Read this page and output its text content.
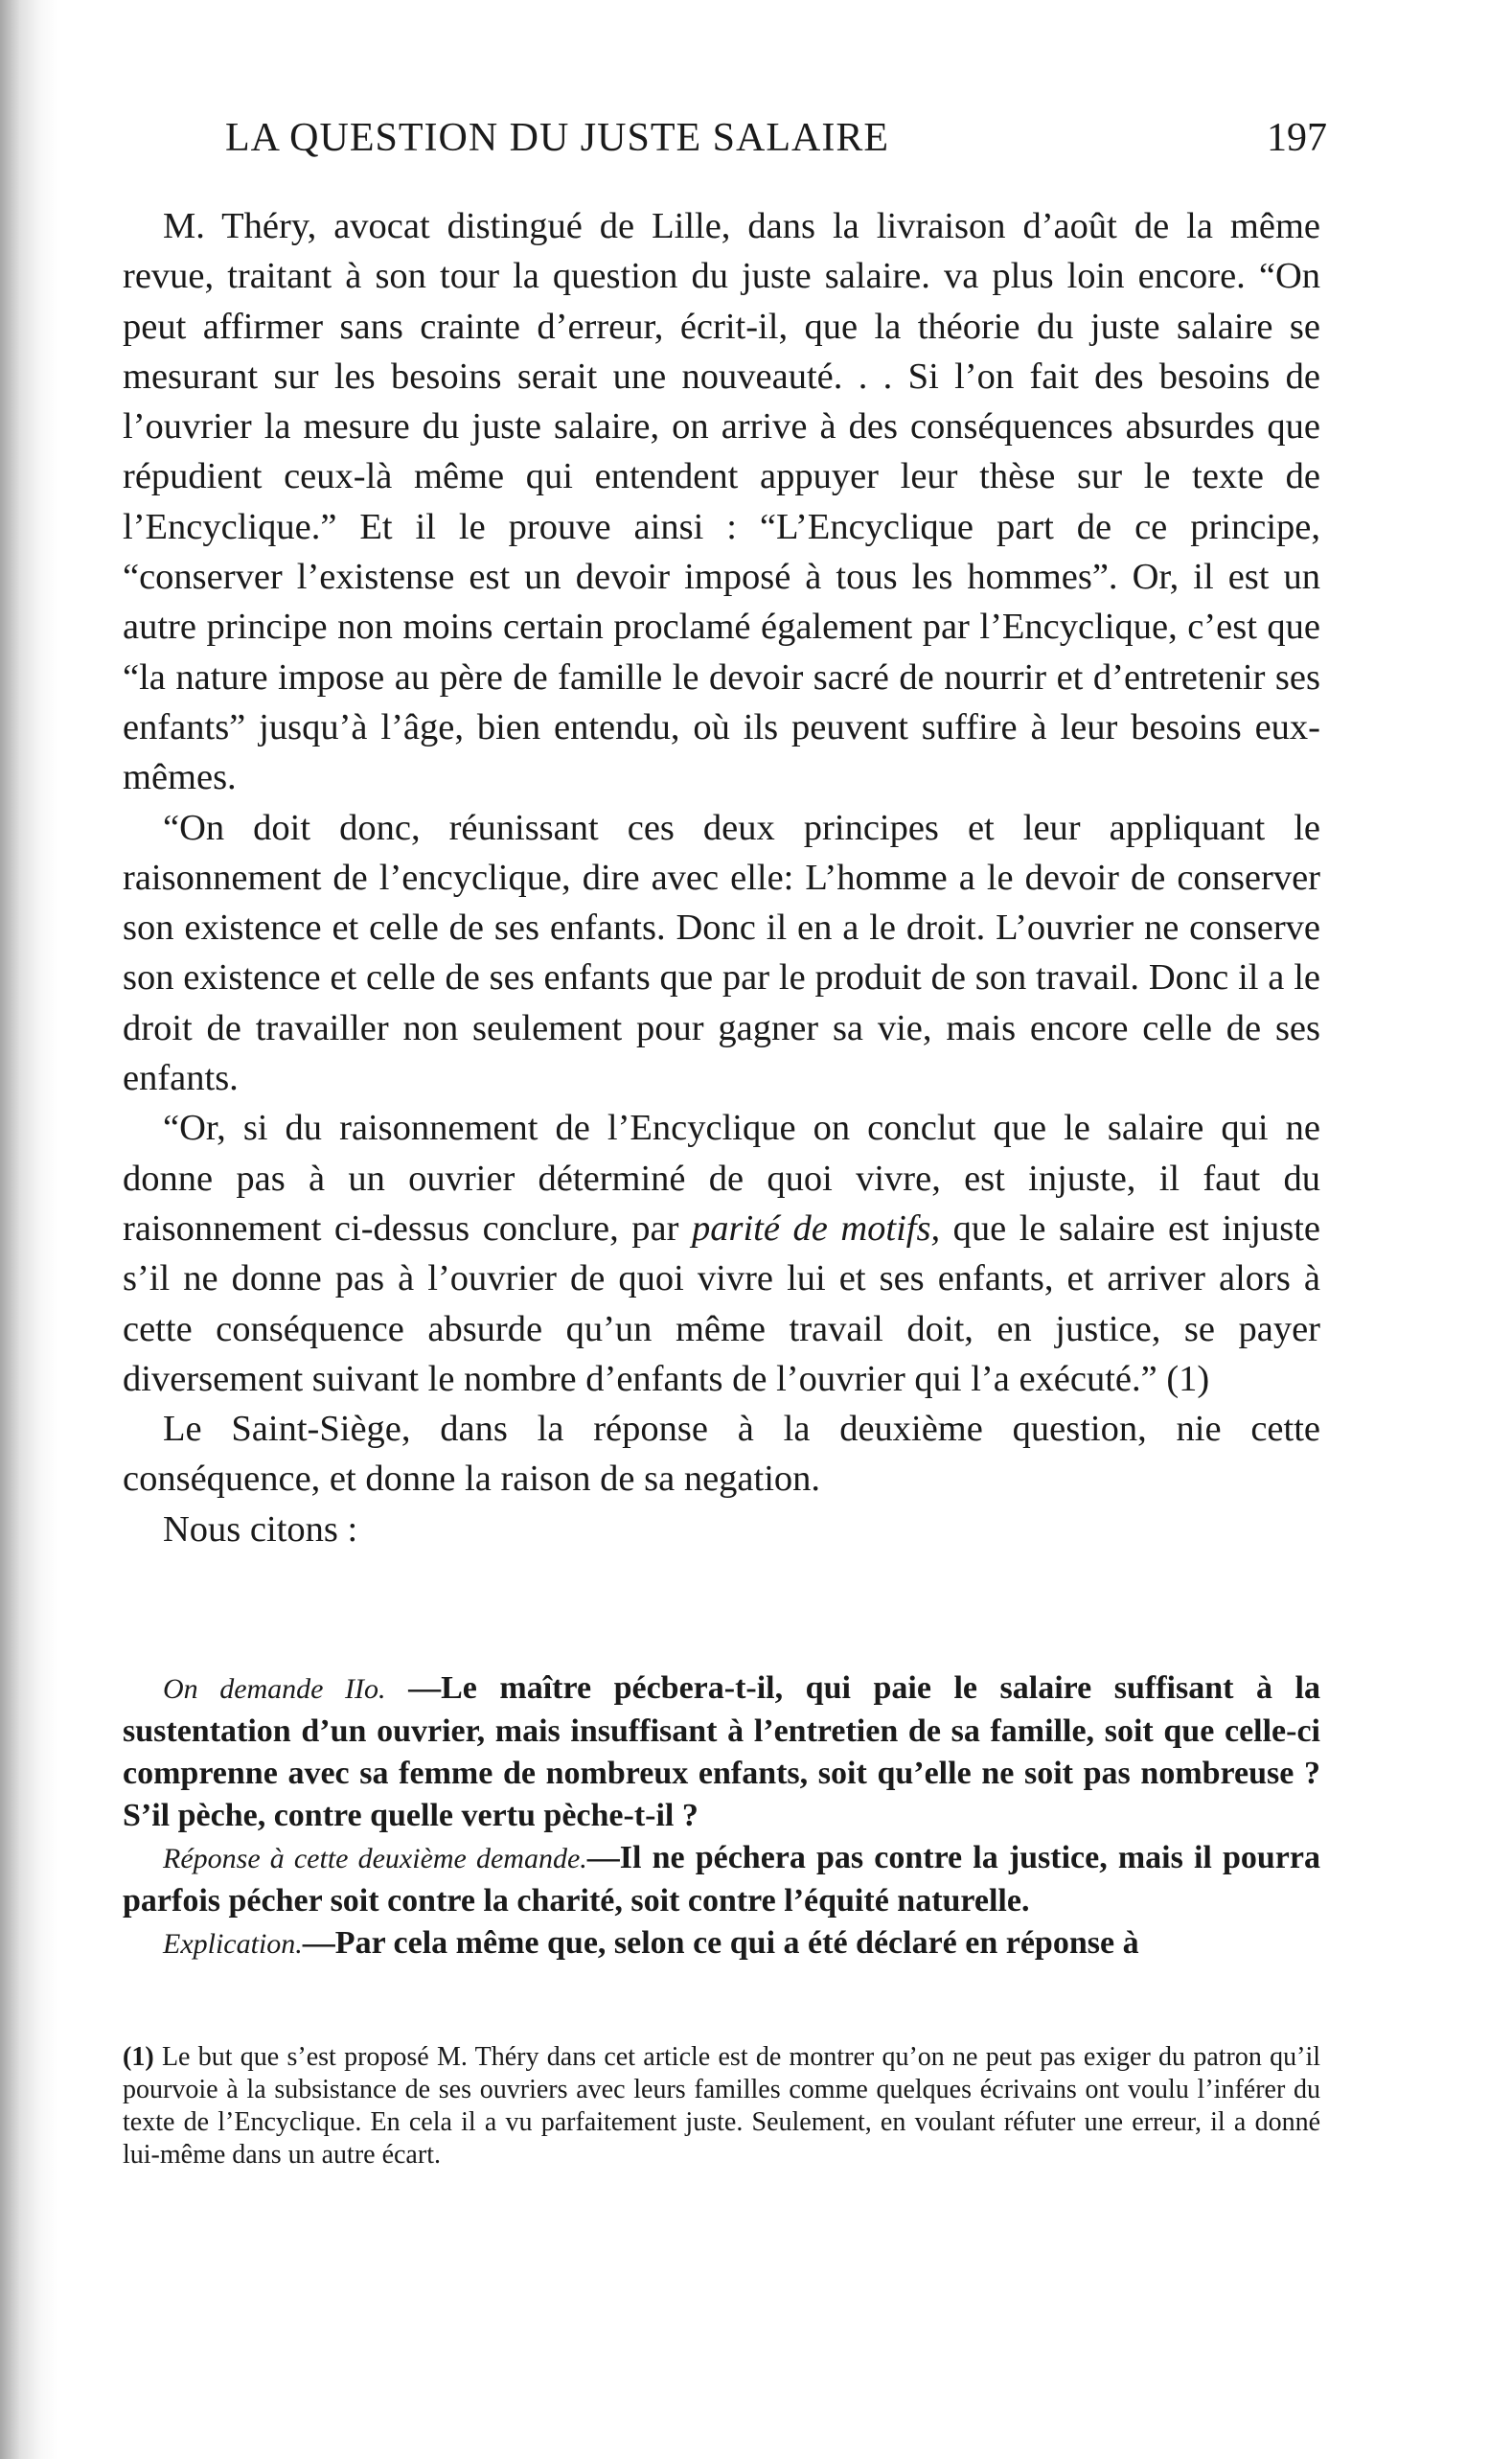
LA QUESTION DU JUSTE SALAIRE	197

M. Théry, avocat distingué de Lille, dans la livraison d’août de la même revue, traitant à son tour la question du juste salaire. va plus loin encore. “On peut affirmer sans crainte d’erreur, écrit-il, que la théorie du juste salaire se mesurant sur les besoins serait une nouveauté. . . Si l’on fait des besoins de l’ouvrier la mesure du juste salaire, on arrive à des conséquences absurdes que répudient ceux-là même qui entendent appuyer leur thèse sur le texte de l’Encyclique.” Et il le prouve ainsi : “L’Encyclique part de ce principe, “conserver l’existense est un devoir imposé à tous les hommes”. Or, il est un autre principe non moins certain proclamé également par l’Encyclique, c’est que “la nature impose au père de famille le devoir sacré de nourrir et d’entretenir ses enfants” jusqu’à l’âge, bien entendu, où ils peuvent suffire à leur besoins eux-mêmes.

“On doit donc, réunissant ces deux principes et leur appliquant le raisonnement de l’encyclique, dire avec elle: L’homme a le devoir de conserver son existence et celle de ses enfants. Donc il en a le droit. L’ouvrier ne conserve son existence et celle de ses enfants que par le produit de son travail. Donc il a le droit de travailler non seulement pour gagner sa vie, mais encore celle de ses enfants.

“Or, si du raisonnement de l’Encyclique on conclut que le salaire qui ne donne pas à un ouvrier déterminé de quoi vivre, est injuste, il faut du raisonnement ci-dessus conclure, par parité de motifs, que le salaire est injuste s’il ne donne pas à l’ouvrier de quoi vivre lui et ses enfants, et arriver alors à cette conséquence absurde qu’un même travail doit, en justice, se payer diversement suivant le nombre d’enfants de l’ouvrier qui l’a exécuté.” (1)

Le Saint-Siège, dans la réponse à la deuxième question, nie cette conséquence, et donne la raison de sa negation.

Nous citons :

On demande IIo. —Le maître pécbera-t-il, qui paie le salaire suffisant à la sustentation d’un ouvrier, mais insuffisant à l’entretien de sa famille, soit que celle-ci comprenne avec sa femme de nombreux enfants, soit qu’elle ne soit pas nombreuse ? S’il pèche, contre quelle vertu pèche-t-il ?

Réponse à cette deuxième demande.—Il ne péchera pas contre la justice, mais il pourra parfois pécher soit contre la charité, soit contre l’équité naturelle.

Explication.—Par cela même que, selon ce qui a été déclaré en réponse à

(1) Le but que s’est proposé M. Théry dans cet article est de montrer qu’on ne peut pas exiger du patron qu’il pourvoie à la subsistance de ses ouvriers avec leurs familles comme quelques écrivains ont voulu l’inférer du texte de l’Encyclique. En cela il a vu parfaitement juste. Seulement, en voulant réfuter une erreur, il a donné lui-même dans un autre écart.
